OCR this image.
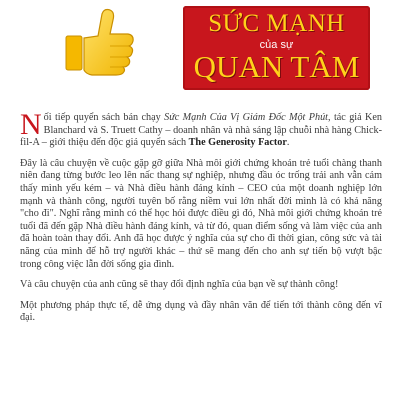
SỨC MẠNH
của sự
QUAN TÂM

Nối tiếp quyển sách bán chạy Sức Mạnh Của Vị Giám Đốc Một Phút, tác giả Ken Blanchard và S. Truett Cathy – doanh nhân và nhà sáng lập chuỗi nhà hàng Chick-fil-A – giới thiệu đến độc giả quyển sách The Generosity Factor.

Đây là câu chuyện về cuộc gặp gỡ giữa Nhà môi giới chứng khoán trẻ tuổi chàng thanh niên đang từng bước leo lên nấc thang sự nghiệp, nhưng đầu óc trống trải anh vẫn cảm thấy mình yếu kém – và Nhà điều hành đáng kính – CEO của một doanh nghiệp lớn mạnh và thành công, người tuyên bố rằng niềm vui lớn nhất đời mình là có khả năng "cho đi". Nghĩ rằng mình có thể học hỏi được điều gì đó, Nhà môi giới chứng khoán trẻ tuổi đã đến gặp Nhà điều hành đáng kính, và từ đó, quan điểm sống và làm việc của anh đã hoàn toàn thay đổi. Anh đã học được ý nghĩa của sự cho đi thời gian, công sức và tài năng của mình để hỗ trợ người khác – thứ sẽ mang đến cho anh sự tiến bộ vượt bậc trong công việc lẫn đời sống gia đình.

Và câu chuyện của anh cũng sẽ thay đổi định nghĩa của bạn về sự thành công!

Một phương pháp thực tế, dễ ứng dụng và đầy nhân văn để tiến tới thành công đến vĩ đại.
